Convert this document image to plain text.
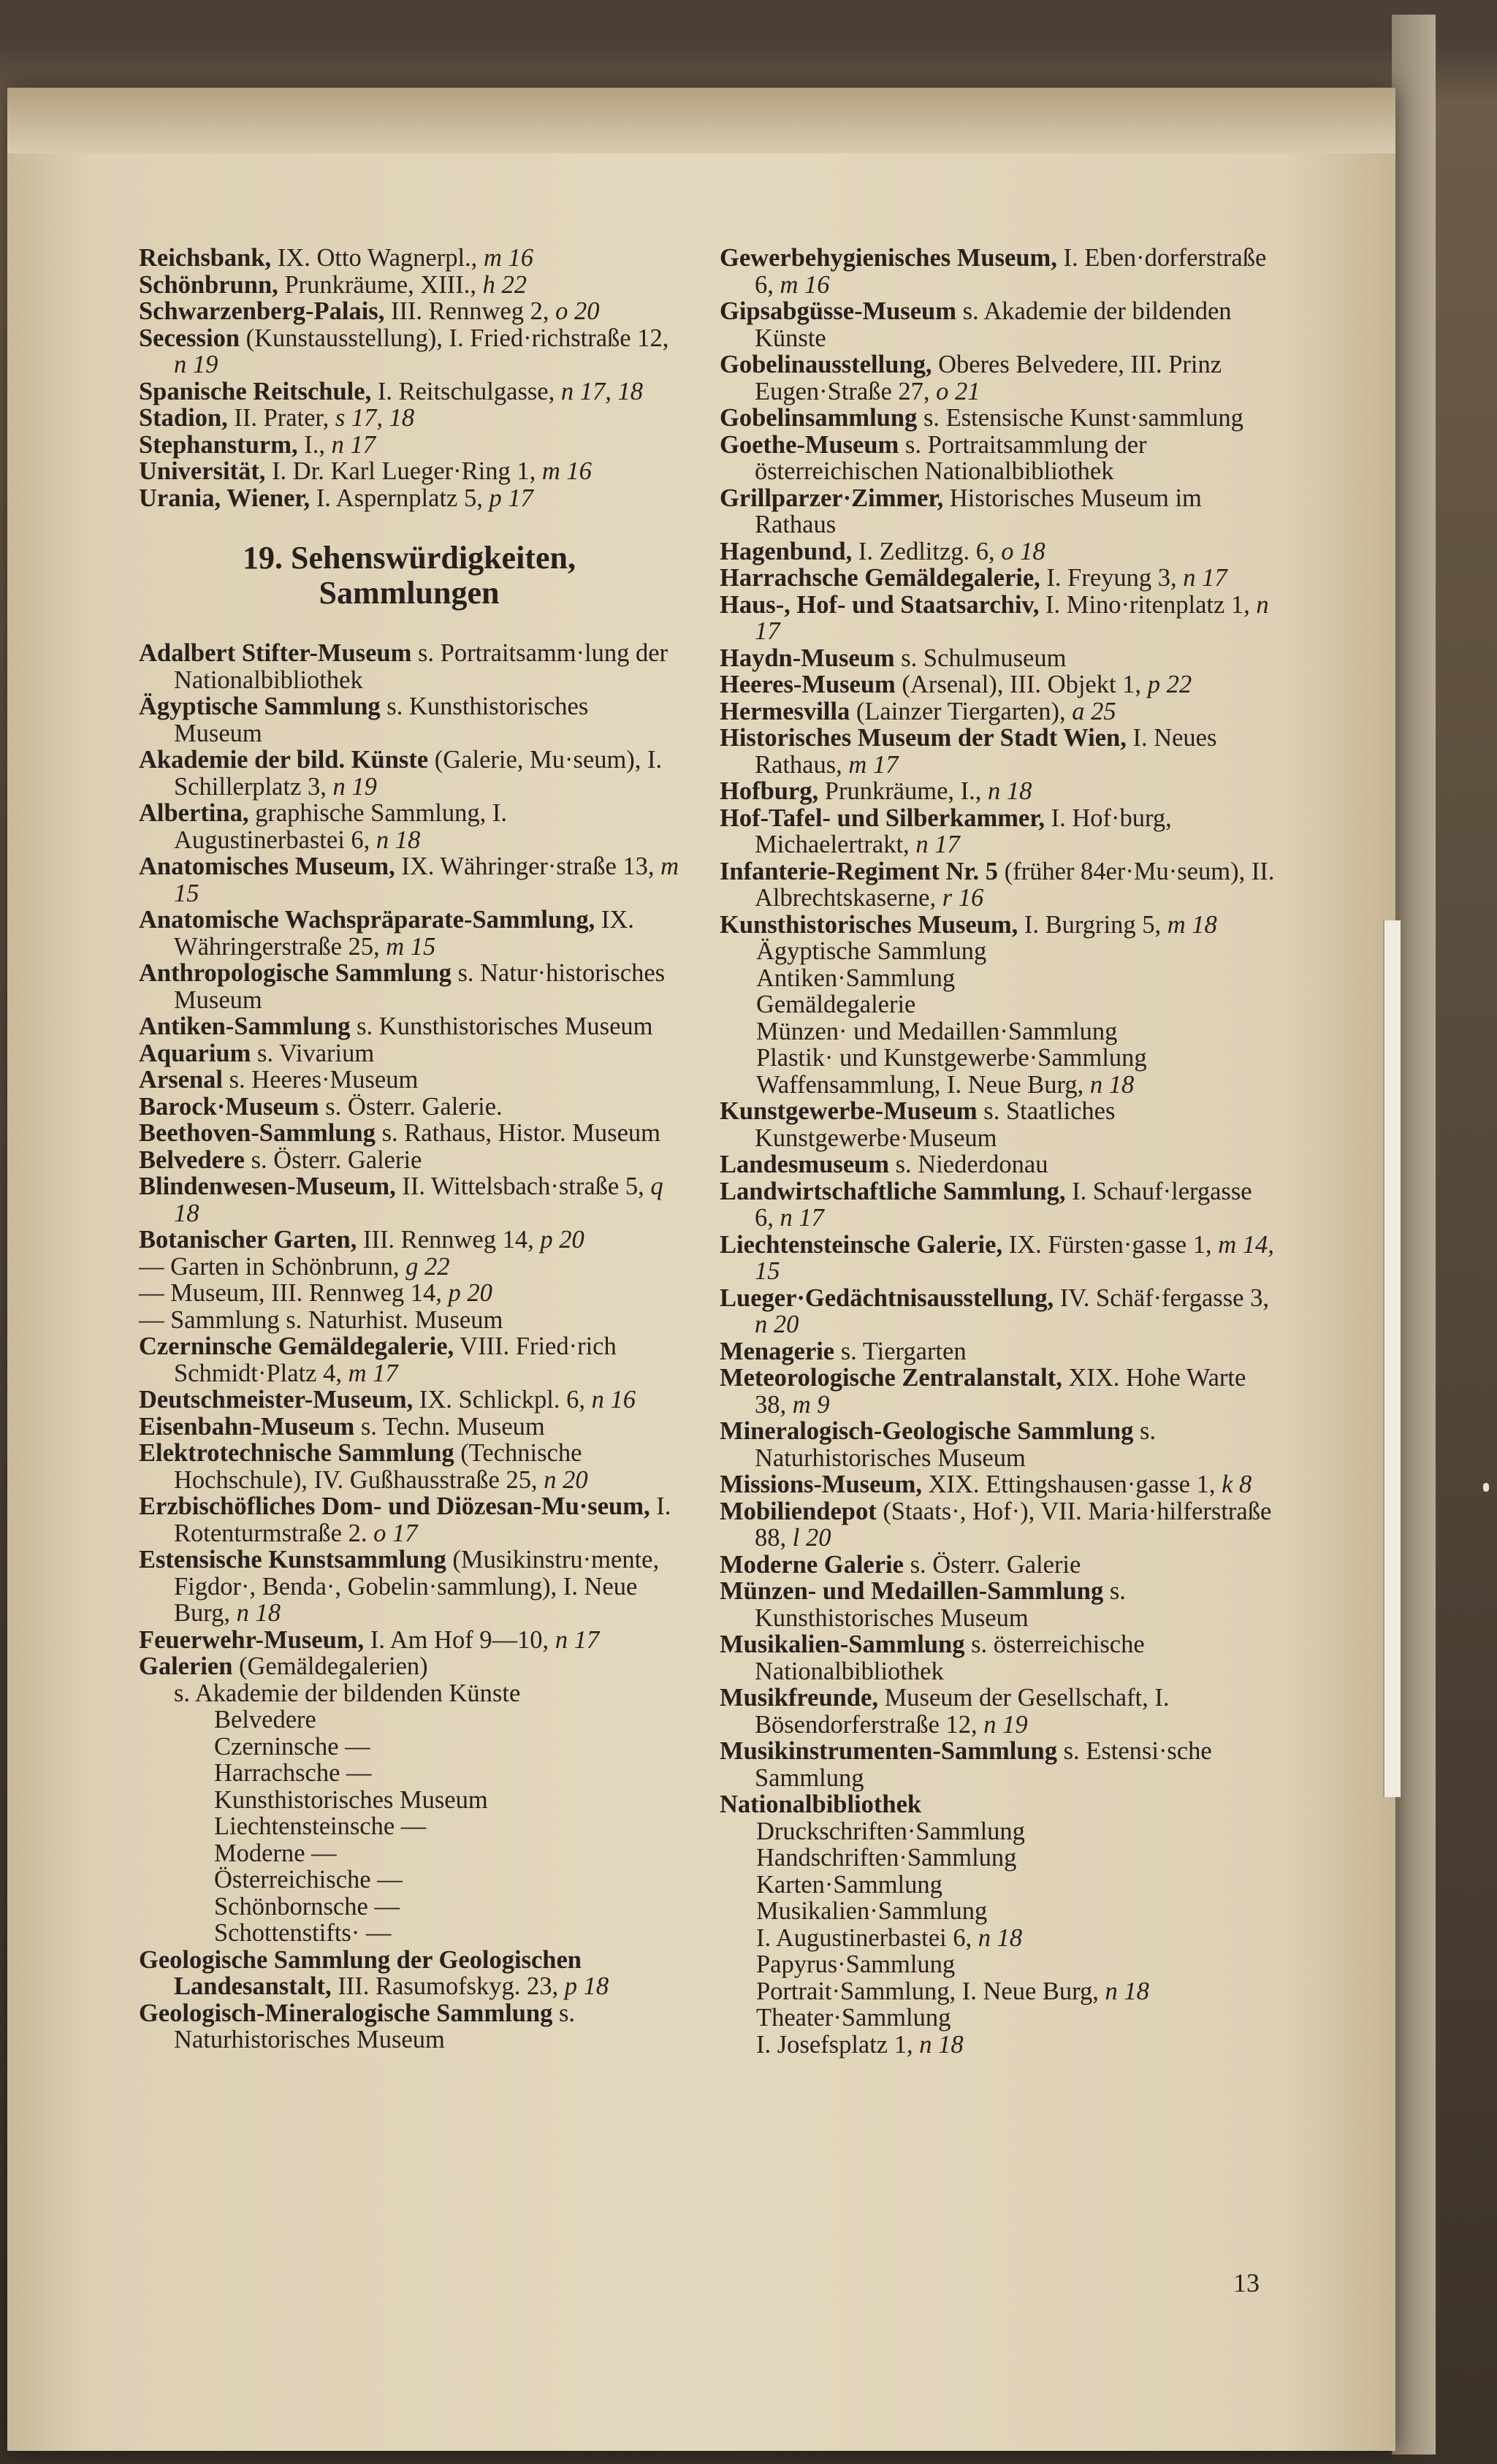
Reichsbank, IX. Otto Wagnerpl., m 16

Schönbrunn, Prunkräume, XIII., h 22

Schwarzenberg-Palais, III. Rennweg 2, o 20

Secession (Kunstausstellung), I. Fried·richstraße 12, n 19

Spanische Reitschule, I. Reitschulgasse, n 17, 18

Stadion, II. Prater, s 17, 18

Stephansturm, I., n 17

Universität, I. Dr. Karl Lueger·Ring 1, m 16

Urania, Wiener, I. Aspernplatz 5, p 17

19. Sehenswürdigkeiten,
Sammlungen

Adalbert Stifter-Museum s. Portraitsamm·lung der Nationalbibliothek

Ägyptische Sammlung s. Kunsthistorisches Museum

Akademie der bild. Künste (Galerie, Mu·seum), I. Schillerplatz 3, n 19

Albertina, graphische Sammlung, I. Augustinerbastei 6, n 18

Anatomisches Museum, IX. Währinger·straße 13, m 15

Anatomische Wachspräparate-Sammlung, IX. Währingerstraße 25, m 15

Anthropologische Sammlung s. Natur·historisches Museum

Antiken-Sammlung s. Kunsthistorisches Museum

Aquarium s. Vivarium

Arsenal s. Heeres·Museum

Barock·Museum s. Österr. Galerie.

Beethoven-Sammlung s. Rathaus, Histor. Museum

Belvedere s. Österr. Galerie

Blindenwesen-Museum, II. Wittelsbach·straße 5, q 18

Botanischer Garten, III. Rennweg 14, p 20

— Garten in Schönbrunn, g 22

— Museum, III. Rennweg 14, p 20

— Sammlung s. Naturhist. Museum

Czerninsche Gemäldegalerie, VIII. Fried·rich Schmidt·Platz 4, m 17

Deutschmeister-Museum, IX. Schlickpl. 6, n 16

Eisenbahn-Museum s. Techn. Museum

Elektrotechnische Sammlung (Technische Hochschule), IV. Gußhausstraße 25, n 20

Erzbischöfliches Dom- und Diözesan-Mu·seum, I. Rotenturmstraße 2. o 17

Estensische Kunstsammlung (Musikinstru·mente, Figdor·, Benda·, Gobelin·sammlung), I. Neue Burg, n 18

Feuerwehr-Museum, I. Am Hof 9—10, n 17

Galerien (Gemäldegalerien)

s. Akademie der bildenden Künste

Belvedere

Czerninsche —

Harrachsche —

Kunsthistorisches Museum

Liechtensteinsche —

Moderne —

Österreichische —

Schönbornsche —

Schottenstifts· —

Geologische Sammlung der Geologischen Landesanstalt, III. Rasumofskyg. 23, p 18

Geologisch-Mineralogische Sammlung s. Naturhistorisches Museum

Gewerbehygienisches Museum, I. Eben·dorferstraße 6, m 16

Gipsabgüsse-Museum s. Akademie der bildenden Künste

Gobelinausstellung, Oberes Belvedere, III. Prinz Eugen·Straße 27, o 21

Gobelinsammlung s. Estensische Kunst·sammlung

Goethe-Museum s. Portraitsammlung der österreichischen Nationalbibliothek

Grillparzer·Zimmer, Historisches Museum im Rathaus

Hagenbund, I. Zedlitzg. 6, o 18

Harrachsche Gemäldegalerie, I. Freyung 3, n 17

Haus-, Hof- und Staatsarchiv, I. Mino·ritenplatz 1, n 17

Haydn-Museum s. Schulmuseum

Heeres-Museum (Arsenal), III. Objekt 1, p 22

Hermesvilla (Lainzer Tiergarten), a 25

Historisches Museum der Stadt Wien, I. Neues Rathaus, m 17

Hofburg, Prunkräume, I., n 18

Hof-Tafel- und Silberkammer, I. Hof·burg, Michaelertrakt, n 17

Infanterie-Regiment Nr. 5 (früher 84er·Mu·seum), II. Albrechtskaserne, r 16

Kunsthistorisches Museum, I. Burgring 5, m 18

Ägyptische Sammlung

Antiken·Sammlung

Gemäldegalerie

Münzen· und Medaillen·Sammlung

Plastik· und Kunstgewerbe·Sammlung

Waffensammlung, I. Neue Burg, n 18

Kunstgewerbe-Museum s. Staatliches Kunstgewerbe·Museum

Landesmuseum s. Niederdonau

Landwirtschaftliche Sammlung, I. Schauf·lergasse 6, n 17

Liechtensteinsche Galerie, IX. Fürsten·gasse 1, m 14, 15

Lueger·Gedächtnisausstellung, IV. Schäf·fergasse 3, n 20

Menagerie s. Tiergarten

Meteorologische Zentralanstalt, XIX. Hohe Warte 38, m 9

Mineralogisch-Geologische Sammlung s. Naturhistorisches Museum

Missions-Museum, XIX. Ettingshausen·gasse 1, k 8

Mobiliendepot (Staats·, Hof·), VII. Maria·hilferstraße 88, l 20

Moderne Galerie s. Österr. Galerie

Münzen- und Medaillen-Sammlung s. Kunsthistorisches Museum

Musikalien-Sammlung s. österreichische Nationalbibliothek

Musikfreunde, Museum der Gesellschaft, I. Bösendorferstraße 12, n 19

Musikinstrumenten-Sammlung s. Estensi·sche Sammlung

Nationalbibliothek

Druckschriften·Sammlung

Handschriften·Sammlung

Karten·Sammlung

Musikalien·Sammlung

I. Augustinerbastei 6, n 18

Papyrus·Sammlung

Portrait·Sammlung, I. Neue Burg, n 18

Theater·Sammlung

I. Josefsplatz 1, n 18

13
